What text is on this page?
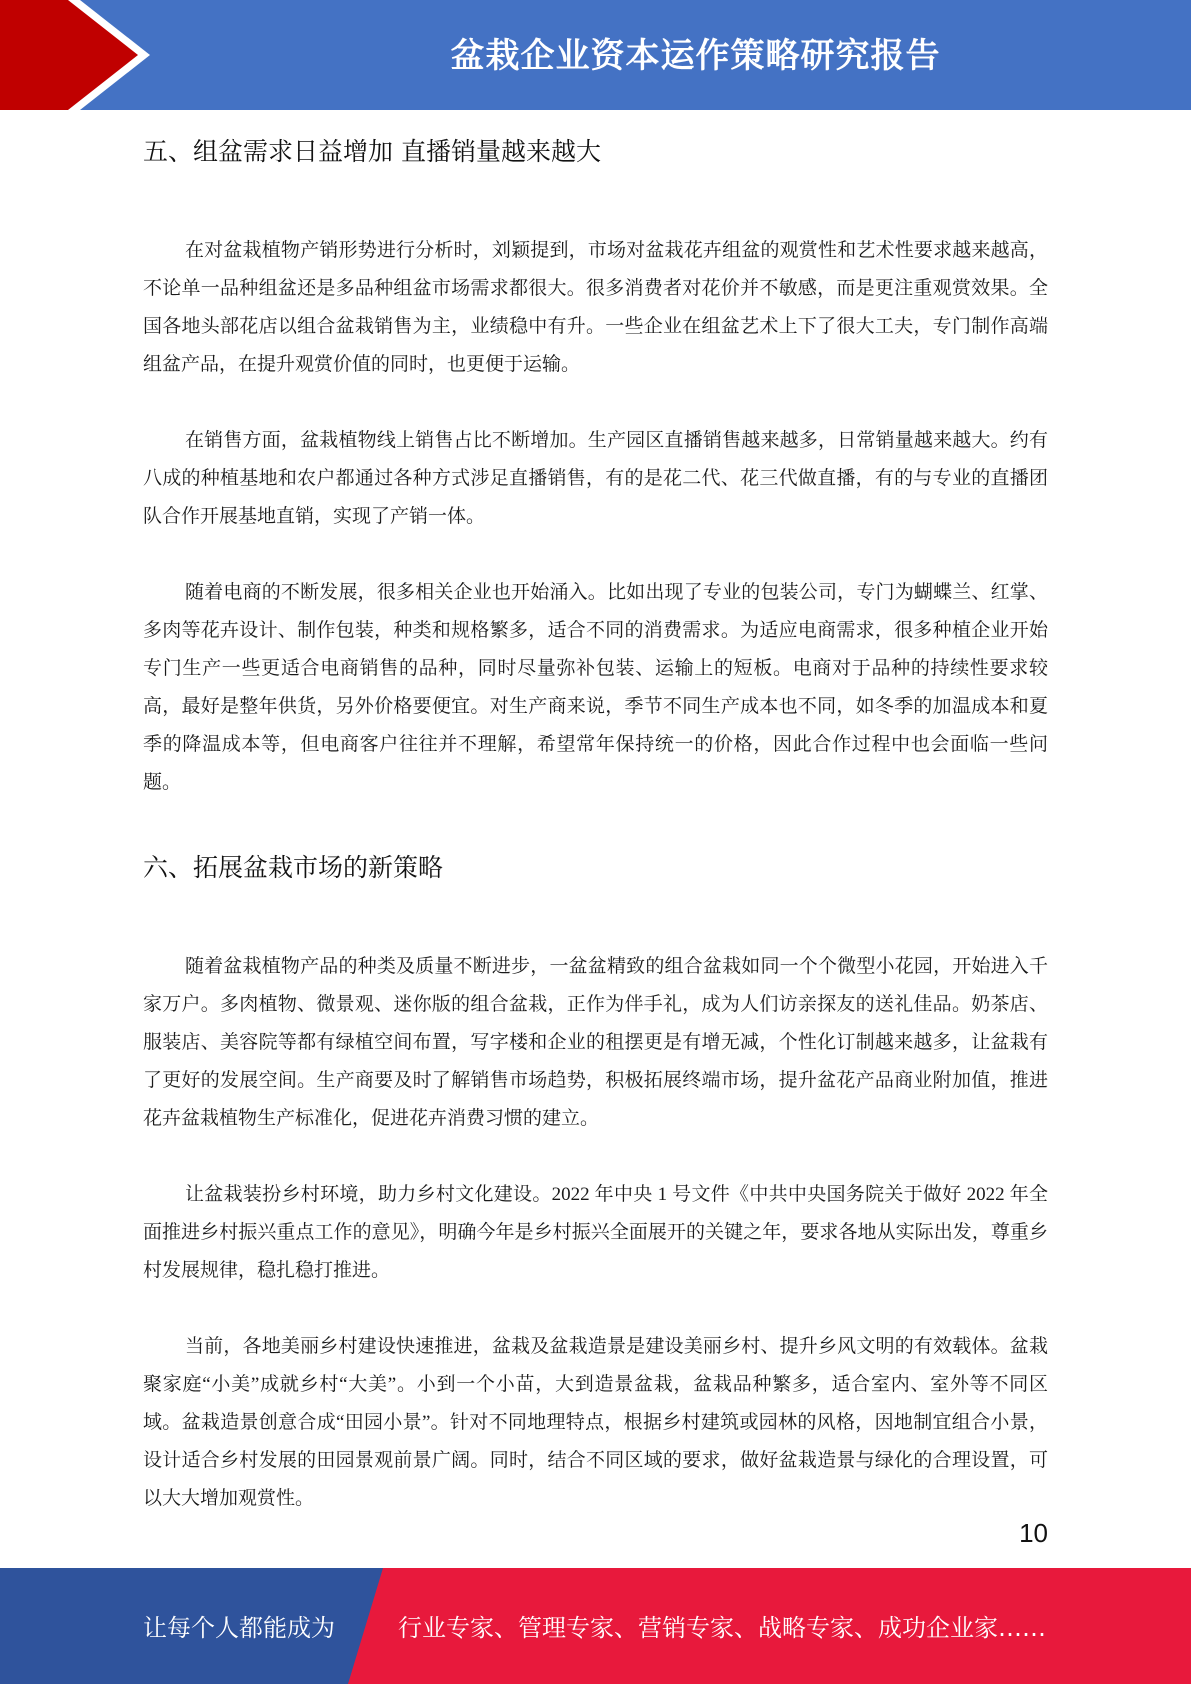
盆栽企业资本运作策略研究报告
五、组盆需求日益增加 直播销量越来越大

在对盆栽植物产销形势进行分析时，刘颖提到，市场对盆栽花卉组盆的观赏性和艺术性要求越来越高，不论单一品种组盆还是多品种组盆市场需求都很大。很多消费者对花价并不敏感，而是更注重观赏效果。全国各地头部花店以组合盆栽销售为主，业绩稳中有升。一些企业在组盆艺术上下了很大工夫，专门制作高端组盆产品，在提升观赏价值的同时，也更便于运输。

在销售方面，盆栽植物线上销售占比不断增加。生产园区直播销售越来越多，日常销量越来越大。约有八成的种植基地和农户都通过各种方式涉足直播销售，有的是花二代、花三代做直播，有的与专业的直播团队合作开展基地直销，实现了产销一体。

随着电商的不断发展，很多相关企业也开始涌入。比如出现了专业的包装公司，专门为蝴蝶兰、红掌、多肉等花卉设计、制作包装，种类和规格繁多，适合不同的消费需求。为适应电商需求，很多种植企业开始专门生产一些更适合电商销售的品种，同时尽量弥补包装、运输上的短板。电商对于品种的持续性要求较高，最好是整年供货，另外价格要便宜。对生产商来说，季节不同生产成本也不同，如冬季的加温成本和夏季的降温成本等，但电商客户往往并不理解，希望常年保持统一的价格，因此合作过程中也会面临一些问题。

六、拓展盆栽市场的新策略

随着盆栽植物产品的种类及质量不断进步，一盆盆精致的组合盆栽如同一个个微型小花园，开始进入千家万户。多肉植物、微景观、迷你版的组合盆栽，正作为伴手礼，成为人们访亲探友的送礼佳品。奶茶店、服装店、美容院等都有绿植空间布置，写字楼和企业的租摆更是有增无减，个性化订制越来越多，让盆栽有了更好的发展空间。生产商要及时了解销售市场趋势，积极拓展终端市场，提升盆花产品商业附加值，推进花卉盆栽植物生产标准化，促进花卉消费习惯的建立。

让盆栽装扮乡村环境，助力乡村文化建设。2022 年中央 1 号文件《中共中央国务院关于做好 2022 年全面推进乡村振兴重点工作的意见》，明确今年是乡村振兴全面展开的关键之年，要求各地从实际出发，尊重乡村发展规律，稳扎稳打推进。

当前，各地美丽乡村建设快速推进，盆栽及盆栽造景是建设美丽乡村、提升乡风文明的有效载体。盆栽聚家庭“小美”成就乡村“大美”。小到一个小苗，大到造景盆栽，盆栽品种繁多，适合室内、室外等不同区域。盆栽造景创意合成“田园小景”。针对不同地理特点，根据乡村建筑或园林的风格，因地制宜组合小景，设计适合乡村发展的田园景观前景广阔。同时，结合不同区域的要求，做好盆栽造景与绿化的合理设置，可以大大增加观赏性。

10
让每个人都能成为	行业专家、管理专家、营销专家、战略专家、成功企业家……
